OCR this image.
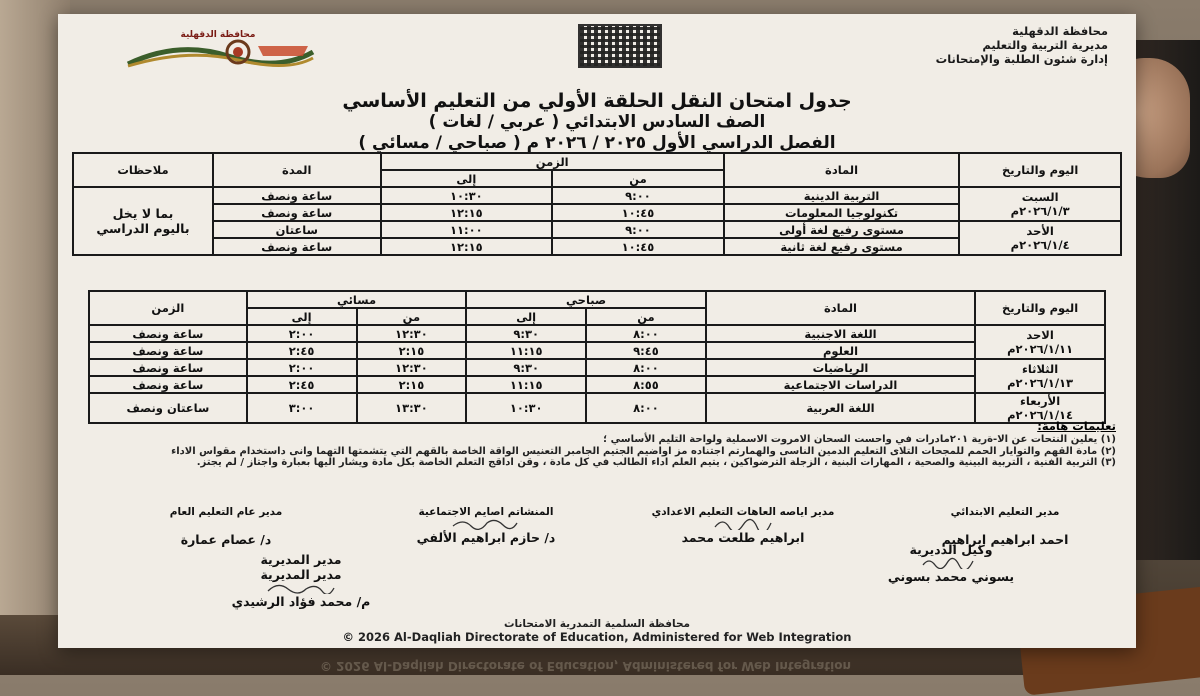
© 2026 Al-Daqliah Directorate of Education, Administered for Web Integration
محافظة الدقهلية
مديرية التربية والتعليم
إدارة شئون الطلبة والإمتحانات
محافظة الدقهلية
جدول امتحان النقل الحلقة الأولي من التعليم الأساسي
الصف السادس الابتدائي ( عربي / لغات )
الفصل الدراسي الأول ٢٠٢٥ / ٢٠٢٦ م ( صباحي / مسائي )
اليوم والتاريخ	المادة	الزمن		المدة	ملاحظات
		من	إلى		

السبت
٢٠٢٦/١/٣م	التربية الدينية	٩:٠٠	١٠:٣٠	ساعة ونصف	بما لا يخل باليوم الدراسي
	تكنولوجيا المعلومات	١٠:٤٥	١٢:١٥	ساعة ونصف	

الأحد
٢٠٢٦/١/٤م	مستوى رفيع لغة أولى	٩:٠٠	١١:٠٠	ساعتان	
	مستوى رفيع لغة ثانية	١٠:٤٥	١٢:١٥	ساعة ونصف	
اليوم والتاريخ	المادة	صباحي		مسائي		الزمن
		من	إلى	من	إلى	

الاحد
٢٠٢٦/١/١١م	اللغة الاجنبية	٨:٠٠	٩:٣٠	١٢:٣٠	٢:٠٠	ساعة ونصف
	العلوم	٩:٤٥	١١:١٥	٢:١٥	٢:٤٥	ساعة ونصف

الثلاثاء
٢٠٢٦/١/١٣م	الرياضيات	٨:٠٠	٩:٣٠	١٢:٣٠	٢:٠٠	ساعة ونصف
	الدراسات الاجتماعية	٨:٥٥	١١:١٥	٢:١٥	٢:٤٥	ساعة ونصف

الأربعاء
٢٠٢٦/١/١٤م	اللغة العربية	٨:٠٠	١٠:٣٠	١٣:٣٠	٣:٠٠	ساعتان ونصف
تعليمات هامة:
(١) يعلين النتحات عن الا-ةرية ٢٠١مادرات في واحست السحان الامروت الاسملية ولواحة التليم الأساسي ؛
(٢) مادة القهم والتوايار الحمم للمجحات التلاى التعليم الدمين الناسى والهمارتم اجتناده مز اواضيم الجتيم الجامبر التعنيس الواقة الخاصة بالقهم التي يتشمتها التهما وانى داستخدام مقواس الاداء
(٣) التربية الفنية ، التربية البينية والصحية ، المهارات البنية ، الزجلة الترضواكين ، يتيم العلم اداء الطالب في كل مادة ، وقن اداقج التعلم الخاصة بكل مادة ويشار اليها بعبارة واجتاز / لم يجتز.
مدير التعليم الابتدائي
احمد ابراهيم ابراهيم
مدير اياصه العاهات التعليم الاعدادي
ابراهيم طلعت محمد
المنشاتم اصايم الاجتماعية
د/ حازم ابراهيم الألفي
مدير عام التعليم العام
د/ عصام عمارة
وكيل الدديرية
يسوني محمد بسوني
مدير المديرية
مدير المديرية
م/ محمد فؤاد الرشيدي
محافظة السلمية التمدرية الامتحانات
© 2026 Al-Daqliah Directorate of Education, Administered for Web Integration
